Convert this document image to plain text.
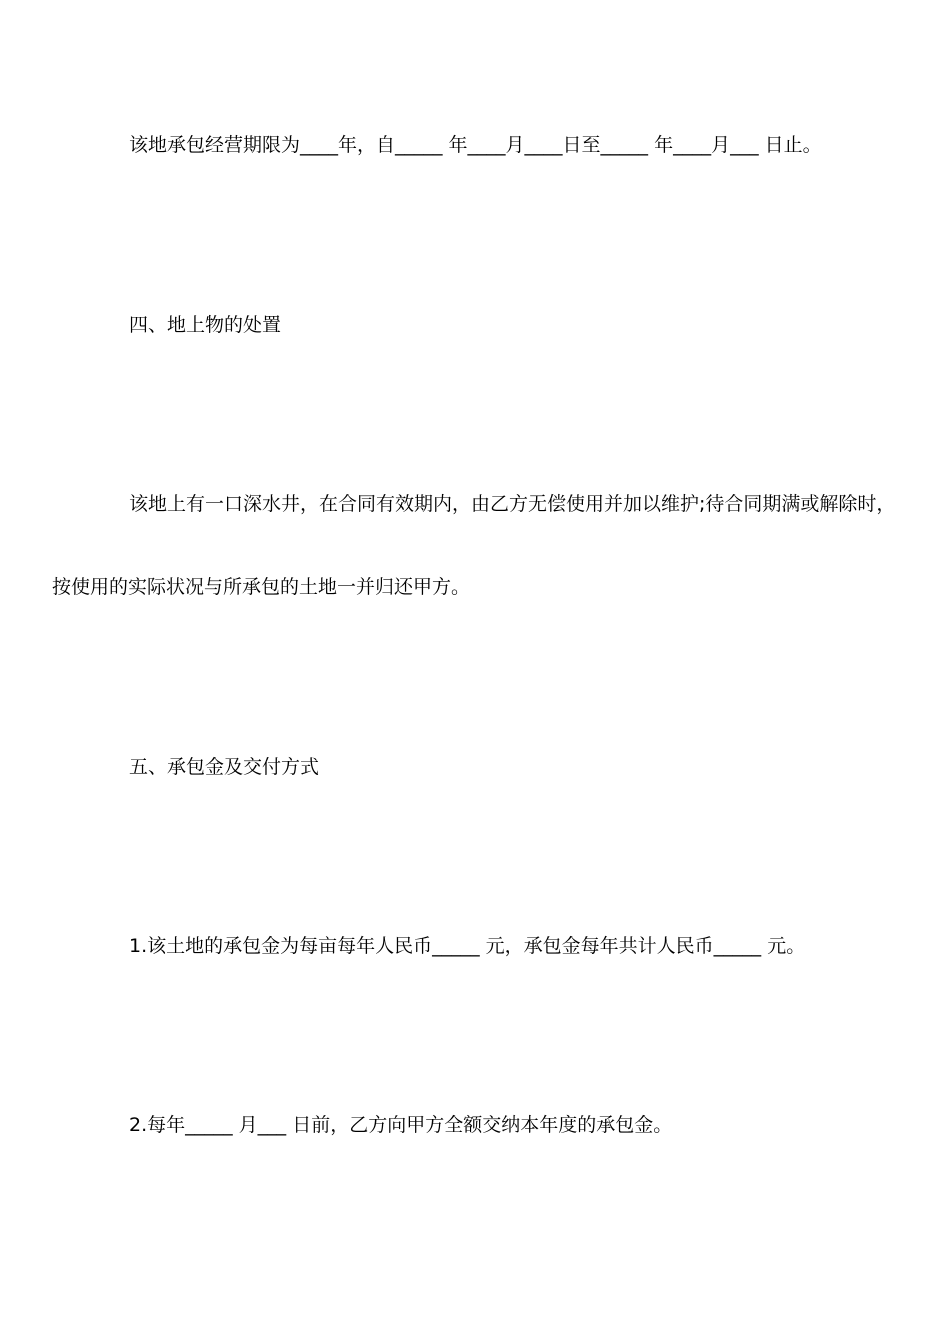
该地承包经营期限为____年，自_____ 年____月____日至_____ 年____月___ 日止。
四、地上物的处置
该地上有一口深水井，在合同有效期内，由乙方无偿使用并加以维护;待合同期满或解除时，
按使用的实际状况与所承包的土地一并归还甲方。
五、承包金及交付方式
1.该土地的承包金为每亩每年人民币_____ 元，承包金每年共计人民币_____ 元。
2.每年_____ 月___ 日前，乙方向甲方全额交纳本年度的承包金。
